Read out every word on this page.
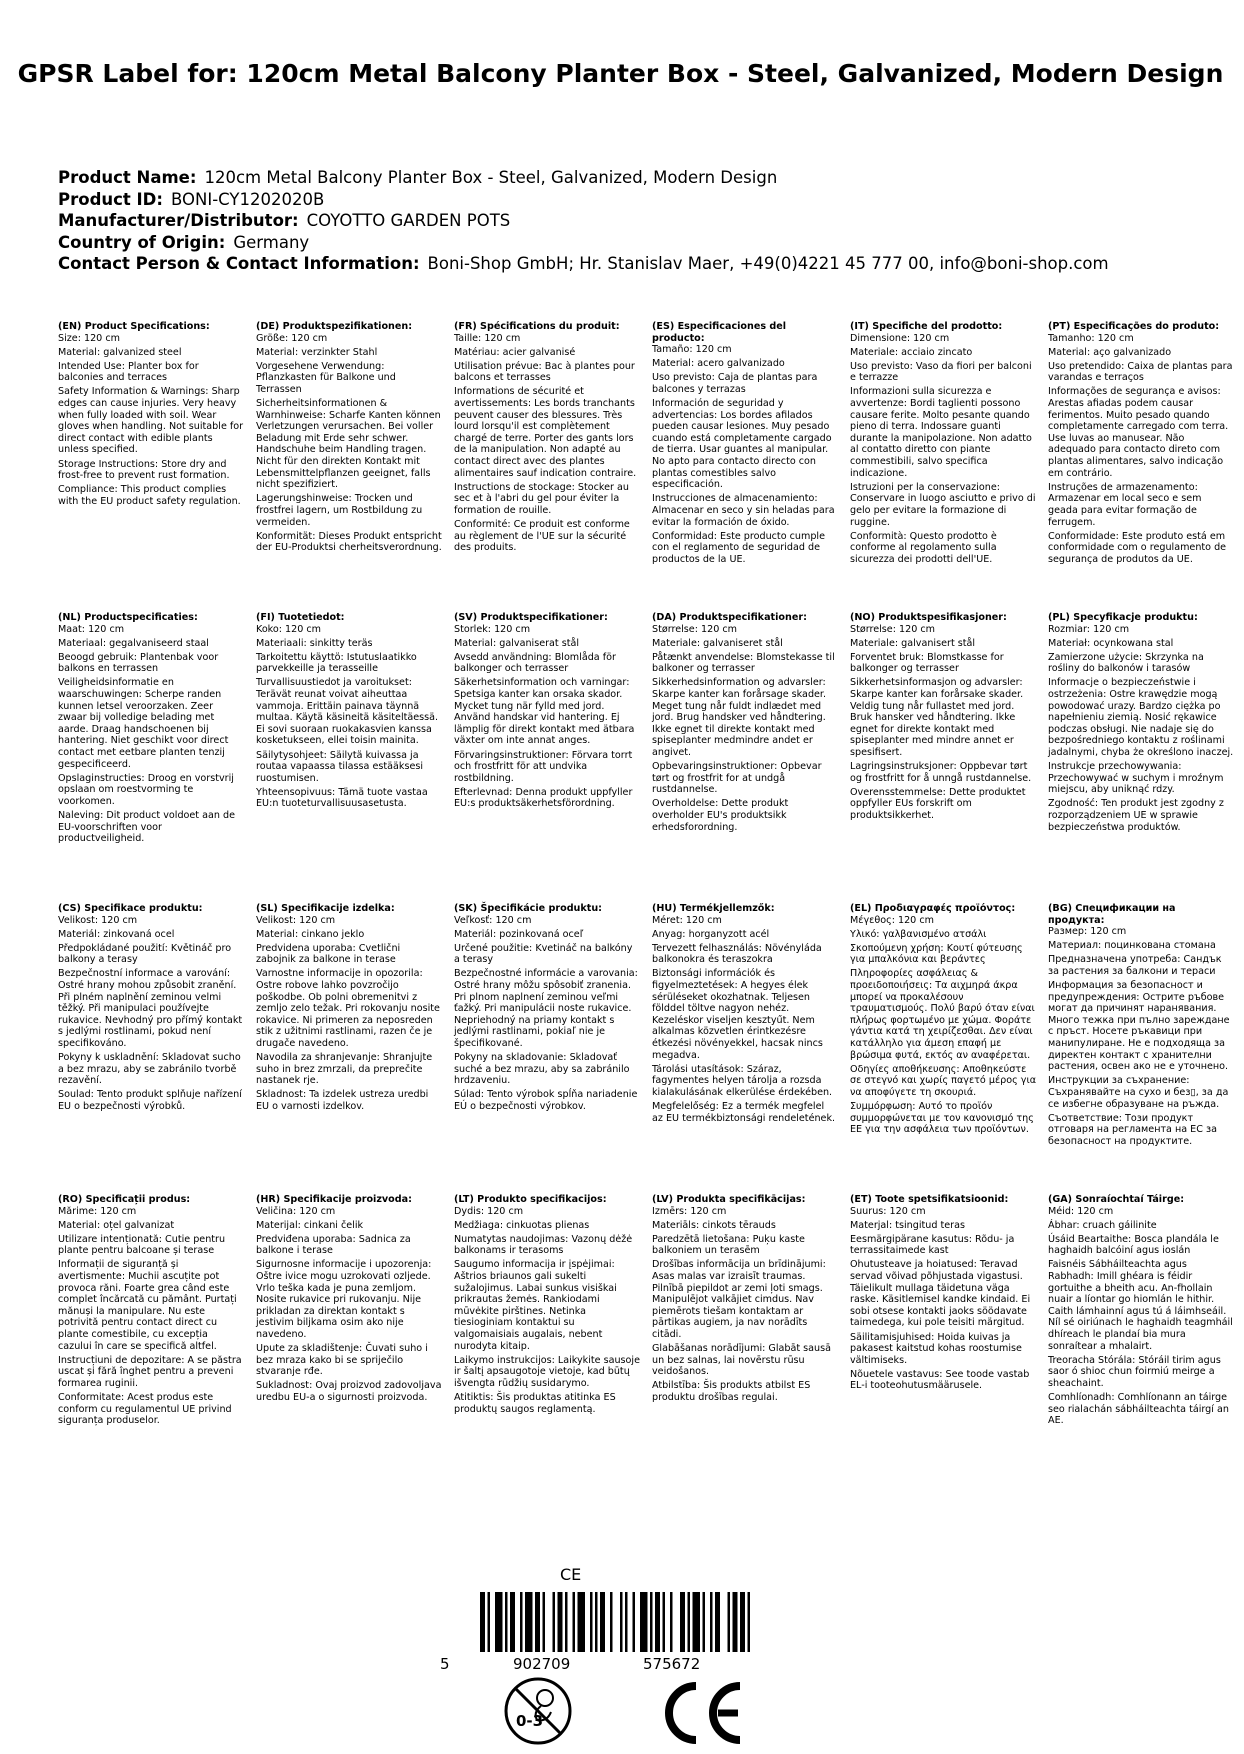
GPSR Label for: 120cm Metal Balcony Planter Box - Steel, Galvanized, Modern Design
Product Name: 120cm Metal Balcony Planter Box - Steel, Galvanized, Modern Design
Product ID: BONI-CY1202020B
Manufacturer/Distributor: COYOTTO GARDEN POTS
Country of Origin: Germany
Contact Person & Contact Information: Boni-Shop GmbH; Hr. Stanislav Maer, +49(0)4221 45 777 00, info@boni-shop.com
(EN) Product Specifications:
Size: 120 cm
Material: galvanized steel
Intended Use: Planter box for balconies and terraces
Safety Information & Warnings: Sharp edges can cause injuries. Very heavy when fully loaded with soil. Wear gloves when handling. Not suitable for direct contact with edible plants unless specified.
Storage Instructions: Store dry and frost-free to prevent rust formation.
Compliance: This product complies with the EU product safety regulation.
(DE) Produktspezifikationen:
Größe: 120 cm
Material: verzinkter Stahl
Vorgesehene Verwendung: Pflanzkasten für Balkone und Terrassen
Sicherheitsinformationen & Warnhinweise: Scharfe Kanten können Verletzungen verursachen. Bei voller Beladung mit Erde sehr schwer. Handschuhe beim Handling tragen. Nicht für den direkten Kontakt mit Lebensmittelpflanzen geeignet, falls nicht spezifiziert.
Lagerungshinweise: Trocken und frostfrei lagern, um Rostbildung zu vermeiden.
Konformität: Dieses Produkt entspricht der EU-Produktsi cherheitsverordnung.
(FR) Spécifications du produit:
Taille: 120 cm
Matériau: acier galvanisé
Utilisation prévue: Bac à plantes pour balcons et terrasses
Informations de sécurité et avertissements: Les bords tranchants peuvent causer des blessures. Très lourd lorsqu'il est complètement chargé de terre. Porter des gants lors de la manipulation. Non adapté au contact direct avec des plantes alimentaires sauf indication contraire.
Instructions de stockage: Stocker au sec et à l'abri du gel pour éviter la formation de rouille.
Conformité: Ce produit est conforme au règlement de l'UE sur la sécurité des produits.
(ES) Especificaciones del producto:
Tamaño: 120 cm
Material: acero galvanizado
Uso previsto: Caja de plantas para balcones y terrazas
Información de seguridad y advertencias: Los bordes afilados pueden causar lesiones. Muy pesado cuando está completamente cargado de tierra. Usar guantes al manipular. No apto para contacto directo con plantas comestibles salvo especificación.
Instrucciones de almacenamiento: Almacenar en seco y sin heladas para evitar la formación de óxido.
Conformidad: Este producto cumple con el reglamento de seguridad de productos de la UE.
(IT) Specifiche del prodotto:
Dimensione: 120 cm
Materiale: acciaio zincato
Uso previsto: Vaso da fiori per balconi e terrazze
Informazioni sulla sicurezza e avvertenze: Bordi taglienti possono causare ferite. Molto pesante quando pieno di terra. Indossare guanti durante la manipolazione. Non adatto al contatto diretto con piante commestibili, salvo specifica indicazione.
Istruzioni per la conservazione: Conservare in luogo asciutto e privo di gelo per evitare la formazione di ruggine.
Conformità: Questo prodotto è conforme al regolamento sulla sicurezza dei prodotti dell'UE.
(PT) Especificações do produto:
Tamanho: 120 cm
Material: aço galvanizado
Uso pretendido: Caixa de plantas para varandas e terraços
Informações de segurança e avisos: Arestas afiadas podem causar ferimentos. Muito pesado quando completamente carregado com terra. Use luvas ao manusear. Não adequado para contacto direto com plantas alimentares, salvo indicação em contrário.
Instruções de armazenamento: Armazenar em local seco e sem geada para evitar formação de ferrugem.
Conformidade: Este produto está em conformidade com o regulamento de segurança de produtos da UE.
(NL) Productspecificaties:
Maat: 120 cm
Materiaal: gegalvaniseerd staal
Beoogd gebruik: Plantenbak voor balkons en terrassen
Veiligheidsinformatie en waarschuwingen: Scherpe randen kunnen letsel veroorzaken. Zeer zwaar bij volledige belading met aarde. Draag handschoenen bij hantering. Niet geschikt voor direct contact met eetbare planten tenzij gespecificeerd.
Opslaginstructies: Droog en vorstvrij opslaan om roestvorming te voorkomen.
Naleving: Dit product voldoet aan de EU-voorschriften voor productveiligheid.
(FI) Tuotetiedot:
Koko: 120 cm
Materiaali: sinkitty teräs
Tarkoitettu käyttö: Istutuslaatikko parvekkeille ja terasseille
Turvallisuustiedot ja varoitukset: Terävät reunat voivat aiheuttaa vammoja. Erittäin painava täynnä multaa. Käytä käsineitä käsiteltäessä. Ei sovi suoraan ruokakasvien kanssa kosketukseen, ellei toisin mainita.
Säilytysohjeet: Säilytä kuivassa ja routaa vapaassa tilassa estääksesi ruostumisen.
Yhteensopivuus: Tämä tuote vastaa EU:n tuoteturvallisuusasetusta.
(SV) Produktspecifikationer:
Storlek: 120 cm
Material: galvaniserat stål
Avsedd användning: Blomlåda för balkonger och terrasser
Säkerhetsinformation och varningar: Spetsiga kanter kan orsaka skador. Mycket tung när fylld med jord. Använd handskar vid hantering. Ej lämplig för direkt kontakt med ätbara växter om inte annat anges.
Förvaringsinstruktioner: Förvara torrt och frostfritt för att undvika rostbildning.
Efterlevnad: Denna produkt uppfyller EU:s produktsäkerhetsförordning.
(DA) Produktspecifikationer:
Størrelse: 120 cm
Materiale: galvaniseret stål
Påtænkt anvendelse: Blomstekasse til balkoner og terrasser
Sikkerhedsinformation og advarsler: Skarpe kanter kan forårsage skader. Meget tung når fuldt indlædet med jord. Brug handsker ved håndtering. Ikke egnet til direkte kontakt med spiseplanter medmindre andet er angivet.
Opbevaringsinstruktioner: Opbevar tørt og frostfrit for at undgå rustdannelse.
Overholdelse: Dette produkt overholder EU's produktsikk erhedsforordning.
(NO) Produktspesifikasjoner:
Størrelse: 120 cm
Materiale: galvanisert stål
Forventet bruk: Blomstkasse for balkonger og terrasser
Sikkerhetsinformasjon og advarsler: Skarpe kanter kan forårsake skader. Veldig tung når fullastet med jord. Bruk hansker ved håndtering. Ikke egnet for direkte kontakt med spiseplanter med mindre annet er spesifisert.
Lagringsinstruksjoner: Oppbevar tørt og frostfritt for å unngå rustdannelse.
Overensstemmelse: Dette produktet oppfyller EUs forskrift om produktsikkerhet.
(PL) Specyfikacje produktu:
Rozmiar: 120 cm
Materiał: ocynkowana stal
Zamierzone użycie: Skrzynka na rośliny do balkonów i tarasów
Informacje o bezpieczeństwie i ostrzeżenia: Ostre krawędzie mogą powodować urazy. Bardzo ciężka po napełnieniu ziemią. Nosić rękawice podczas obsługi. Nie nadaje się do bezpośredniego kontaktu z roślinami jadalnymi, chyba że określono inaczej.
Instrukcje przechowywania: Przechowywać w suchym i mroźnym miejscu, aby uniknąć rdzy.
Zgodność: Ten produkt jest zgodny z rozporządzeniem UE w sprawie bezpieczeństwa produktów.
(CS) Specifikace produktu:
Velikost: 120 cm
Materiál: zinkovaná ocel
Předpokládané použití: Květináč pro balkony a terasy
Bezpečnostní informace a varování: Ostré hrany mohou způsobit zranění. Při plném naplnění zeminou velmi těžký. Při manipulaci používejte rukavice. Nevhodný pro přímý kontakt s jedlými rostlinami, pokud není specifikováno.
Pokyny k uskladnění: Skladovat sucho a bez mrazu, aby se zabránilo tvorbě rezavění.
Soulad: Tento produkt splňuje nařízení EU o bezpečnosti výrobků.
(SL) Specifikacije izdelka:
Velikost: 120 cm
Material: cinkano jeklo
Predvidena uporaba: Cvetlični zabojnik za balkone in terase
Varnostne informacije in opozorila: Ostre robove lahko povzročijo poškodbe. Ob polni obremenitvi z zemljo zelo težak. Pri rokovanju nosite rokavice. Ni primeren za neposreden stik z užitnimi rastlinami, razen če je drugače navedeno.
Navodila za shranjevanje: Shranjujte suho in brez zmrzali, da preprečite nastanek rje.
Skladnost: Ta izdelek ustreza uredbi EU o varnosti izdelkov.
(SK) Špecifikácie produktu:
Veľkosť: 120 cm
Materiál: pozinkovaná oceľ
Určené použitie: Kvetináč na balkóny a terasy
Bezpečnostné informácie a varovania: Ostré hrany môžu spôsobiť zranenia. Pri plnom naplnení zeminou veľmi ťažký. Pri manipulácii noste rukavice. Nepriehodný na priamy kontakt s jedlými rastlinami, pokiaľ nie je špecifikované.
Pokyny na skladovanie: Skladovať suché a bez mrazu, aby sa zabránilo hrdzaveniu.
Súlad: Tento výrobok spĺňa nariadenie EÚ o bezpečnosti výrobkov.
(HU) Termékjellemzők:
Méret: 120 cm
Anyag: horganyzott acél
Tervezett felhasználás: Növényláda balkonokra és teraszokra
Biztonsági információk és figyelmeztetések: A hegyes élek sérüléseket okozhatnak. Teljesen földdel töltve nagyon nehéz. Kezeléskor viseljen kesztyűt. Nem alkalmas közvetlen érintkezésre étkezési növényekkel, hacsak nincs megadva.
Tárolási utasítások: Száraz, fagymentes helyen tárolja a rozsda kialakulásának elkerülése érdekében.
Megfelelőség: Ez a termék megfelel az EU termékbiztonsági rendeletének.
(EL) Προδιαγραφές προϊόντος:
Μέγεθος: 120 cm
Υλικό: γαλβανισμένο ατσάλι
Σκοπούμενη χρήση: Κουτί φύτευσης για μπαλκόνια και βεράντες
Πληροφορίες ασφάλειας & προειδοποιήσεις: Τα αιχμηρά άκρα μπορεί να προκαλέσουν τραυματισμούς. Πολύ βαρύ όταν είναι πλήρως φορτωμένο με χώμα. Φοράτε γάντια κατά τη χειρίζεσθαι. Δεν είναι κατάλληλο για άμεση επαφή με βρώσιμα φυτά, εκτός αν αναφέρεται.
Οδηγίες αποθήκευσης: Αποθηκεύστε σε στεγνό και χωρίς παγετό μέρος για να αποφύγετε τη σκουριά.
Συμμόρφωση: Αυτό το προϊόν συμμορφώνεται με τον κανονισμό της ΕΕ για την ασφάλεια των προϊόντων.
(BG) Спецификации на продукта:
Размер: 120 cm
Материал: поцинкована стомана
Предназначена употреба: Сандък за растения за балкони и тераси
Информация за безопасност и предупреждения: Острите ръбове могат да причинят наранявания. Много тежка при пълно зареждане с пръст. Носете ръкавици при манипулиране. Не е подходяща за директен контакт с хранителни растения, освен ако не е уточнено.
Инструкции за съхранение: Съхранявайте на сухо и без▯, за да се избегне образуване на ръжда.
Съответствие: Този продукт отговаря на регламента на ЕС за безопасност на продуктите.
(RO) Specificații produs:
Mărime: 120 cm
Material: oțel galvanizat
Utilizare intenționată: Cutie pentru plante pentru balcoane și terase
Informații de siguranță și avertismente: Muchii ascuțite pot provoca răni. Foarte grea când este complet încărcată cu pământ. Purtați mănuși la manipulare. Nu este potrivită pentru contact direct cu plante comestibile, cu excepția cazului în care se specifică altfel.
Instrucțiuni de depozitare: A se păstra uscat și fără înghet pentru a preveni formarea ruginii.
Conformitate: Acest produs este conform cu regulamentul UE privind siguranța produselor.
(HR) Specifikacije proizvoda:
Veličina: 120 cm
Materijal: cinkani čelik
Predviđena uporaba: Sadnica za balkone i terase
Sigurnosne informacije i upozorenja: Oštre ivice mogu uzrokovati ozljede. Vrlo teška kada je puna zemljom. Nosite rukavice pri rukovanju. Nije prikladan za direktan kontakt s jestivim biljkama osim ako nije navedeno.
Upute za skladištenje: Čuvati suho i bez mraza kako bi se spriječilo stvaranje rđe.
Sukladnost: Ovaj proizvod zadovoljava uredbu EU-a o sigurnosti proizvoda.
(LT) Produkto specifikacijos:
Dydis: 120 cm
Medžiaga: cinkuotas plienas
Numatytas naudojimas: Vazonų dėžė balkonams ir terasoms
Saugumo informacija ir įspėjimai: Aštrios briaunos gali sukelti sužalojimus. Labai sunkus visiškai prikrautas žemės. Rankiodami mūvėkite pirštines. Netinka tiesioginiam kontaktui su valgomaisiais augalais, nebent nurodyta kitaip.
Laikymo instrukcijos: Laikykite sausoje ir šaltį apsaugotoje vietoje, kad būtų išvengta rūdžių susidarymo.
Atitiktis: Šis produktas atitinka ES produktų saugos reglamentą.
(LV) Produkta specifikācijas:
Izmērs: 120 cm
Materiāls: cinkots tērauds
Paredzētā lietošana: Puķu kaste balkoniem un terasēm
Drošības informācija un brīdinājumi: Asas malas var izraisīt traumas. Pilnībā piepildot ar zemi ļoti smags. Manipulējot valkājiet cimdus. Nav piemērots tiešam kontaktam ar pārtikas augiem, ja nav norādīts citādi.
Glabāšanas norādījumi: Glabāt sausā un bez salnas, lai novērstu rūsu veidošanos.
Atbilstība: Šis produkts atbilst ES produktu drošības regulai.
(ET) Toote spetsifikatsioonid:
Suurus: 120 cm
Materjal: tsingitud teras
Eesmärgipärane kasutus: Rõdu- ja terrassitaimede kast
Ohutusteave ja hoiatused: Teravad servad võivad põhjustada vigastusi. Täielikult mullaga täidetuna väga raske. Käsitlemisel kandke kindaid. Ei sobi otsese kontakti jaoks söödavate taimedega, kui pole teisiti märgitud.
Säilitamisjuhised: Hoida kuivas ja pakasest kaitstud kohas roostumise vältimiseks.
Nõuetele vastavus: See toode vastab EL-i tooteohutusmäärusele.
(GA) Sonraíochtaí Táirge:
Méid: 120 cm
Ábhar: cruach gáilinite
Úsáid Beartaithe: Bosca plandála le haghaidh balcóiní agus ioslán
Faisnéis Sábháilteachta agus Rabhadh: Imill ghéara is féidir gortuithe a bheith acu. An-fhollain nuair a líontar go hiomlán le hithir. Caith lámhainní agus tú á láimhseáil. Níl sé oiriúnach le haghaidh teagmháil dhíreach le plandaí bia mura sonraítear a mhalairt.
Treoracha Stórála: Stóráil tirim agus saor ó shioc chun foirmiú meirge a sheachaint.
Comhlíonadh: Comhlíonann an táirge seo rialachán sábháilteachta táirgí an AE.
5	902709	575672
0-3
CE
